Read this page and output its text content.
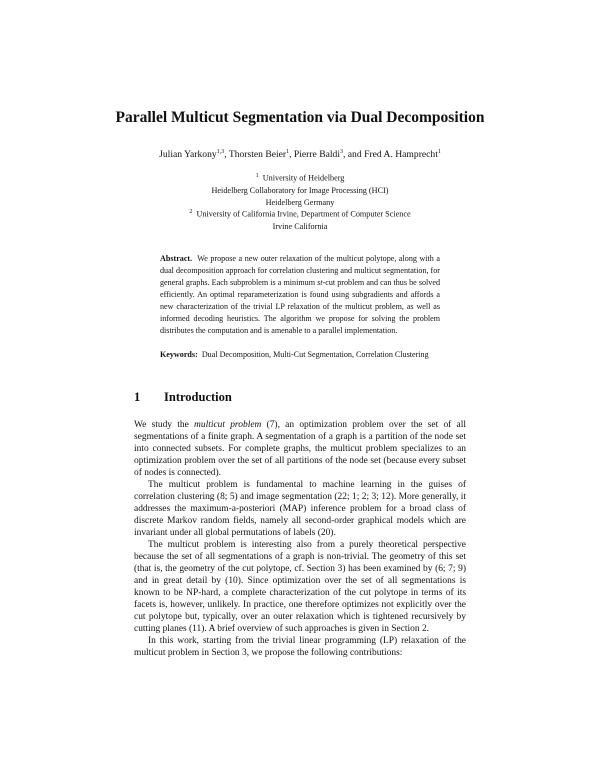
Parallel Multicut Segmentation via Dual Decomposition
Julian Yarkony$^{1,3}$, Thorsten Beier$^1$, Pierre Baldi$^3$, and Fred A. Hamprecht$^1$
$^1$ University of Heidelberg
Heidelberg Collaboratory for Image Processing (HCI)
Heidelberg Germany
$^2$ University of California Irvine, Department of Computer Science
Irvine California
Abstract. We propose a new outer relaxation of the multicut polytope, along with a dual decomposition approach for correlation clustering and multicut segmentation, for general graphs. Each subproblem is a minimum st-cut problem and can thus be solved efficiently. An optimal reparameterization is found using subgradients and affords a new characterization of the trivial LP relaxation of the multicut problem, as well as informed decoding heuristics. The algorithm we propose for solving the problem distributes the computation and is amenable to a parallel implementation.
Keywords: Dual Decomposition, Multi-Cut Segmentation, Correlation Clustering
1 Introduction

We study the multicut problem (7), an optimization problem over the set of all segmentations of a finite graph. A segmentation of a graph is a partition of the node set into connected subsets. For complete graphs, the multicut problem specializes to an optimization problem over the set of all partitions of the node set (because every subset of nodes is connected).

The multicut problem is fundamental to machine learning in the guises of correlation clustering (8; 5) and image segmentation (22; 1; 2; 3; 12). More generally, it addresses the maximum-a-posteriori (MAP) inference problem for a broad class of discrete Markov random fields, namely all second-order graphical models which are invariant under all global permutations of labels (20).

The multicut problem is interesting also from a purely theoretical perspective because the set of all segmentations of a graph is non-trivial. The geometry of this set (that is, the geometry of the cut polytope, cf. Section 3) has been examined by (6; 7; 9) and in great detail by (10). Since optimization over the set of all segmentations is known to be NP-hard, a complete characterization of the cut polytope in terms of its facets is, however, unlikely. In practice, one therefore optimizes not explicitly over the cut polytope but, typically, over an outer relaxation which is tightened recursively by cutting planes (11). A brief overview of such approaches is given in Section 2.

In this work, starting from the trivial linear programming (LP) relaxation of the multicut problem in Section 3, we propose the following contributions:
